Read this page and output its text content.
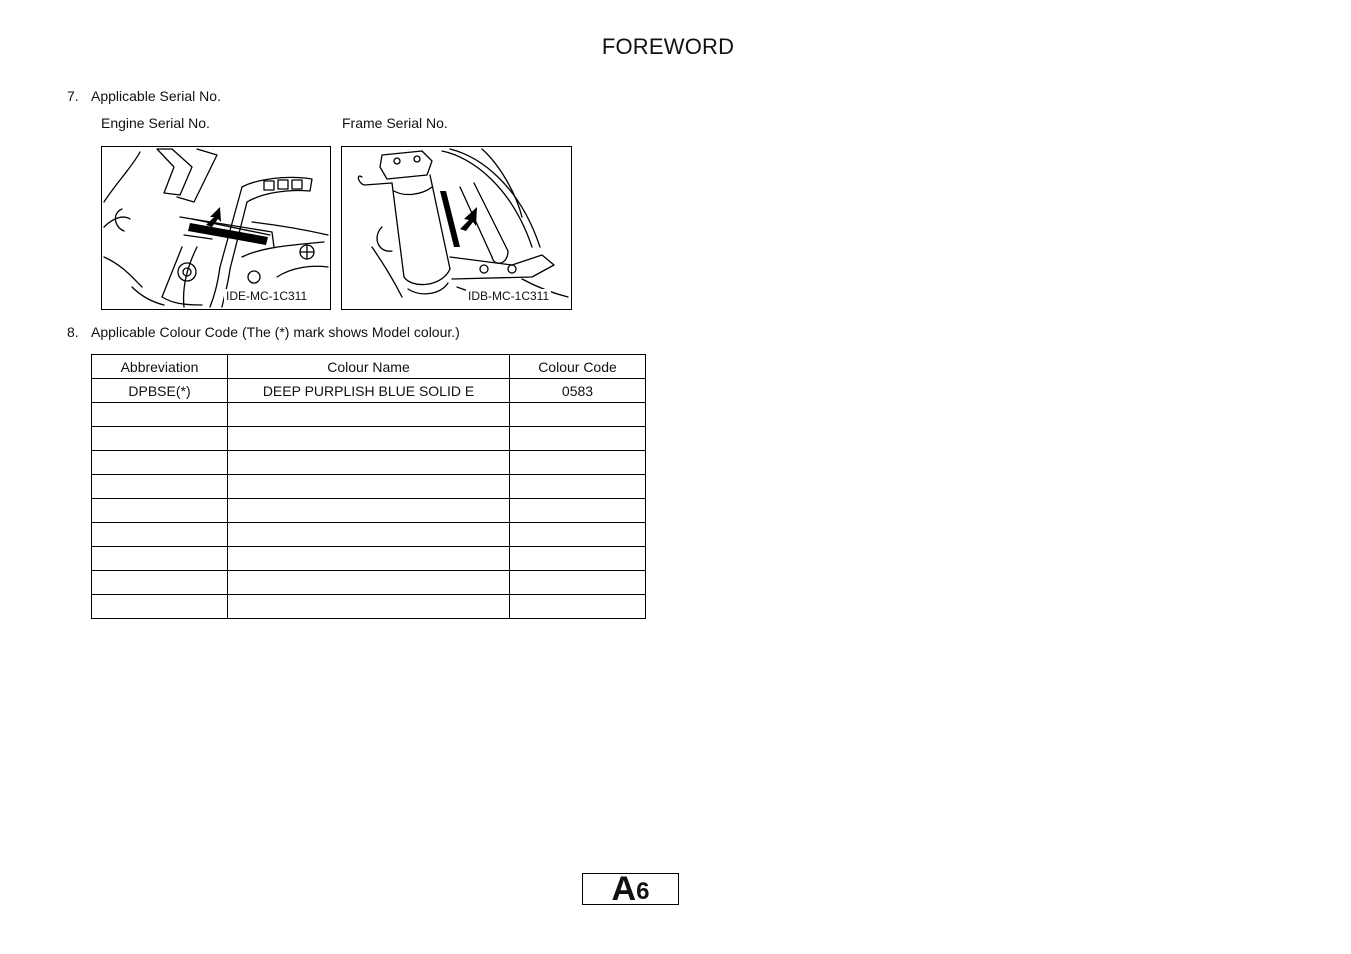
FOREWORD
7. Applicable Serial No.
Engine Serial No.	Frame Serial No.
IDE-MC-1C311	IDB-MC-1C311
8. Applicable Colour Code (The (*) mark shows Model colour.)
Abbreviation	Colour Name	Colour Code
DPBSE(*)	DEEP PURPLISH BLUE SOLID E	0583

A6
